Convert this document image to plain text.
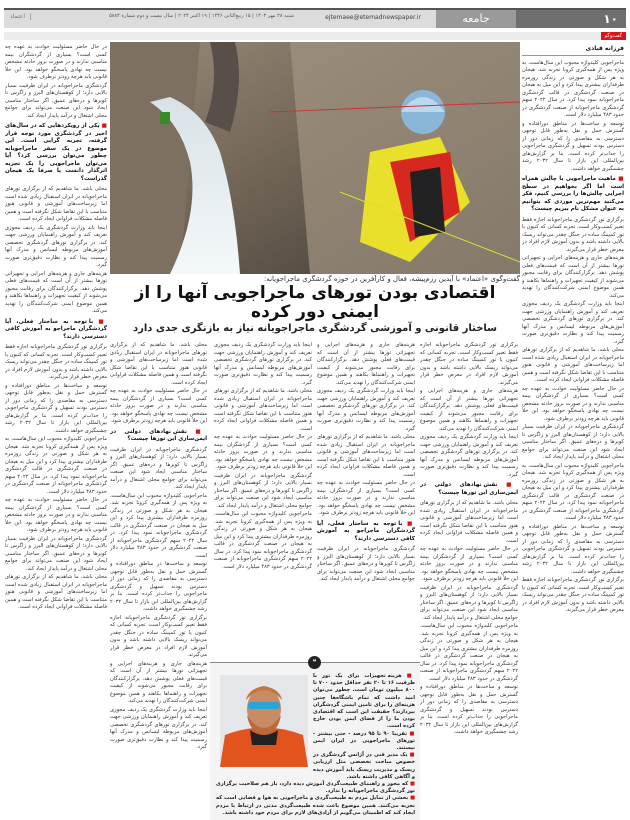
۱۰
جامعه
ejtemaee@etemadnewspaper.ir
شنبه ۲۸ مهر ۱۴۰۳ | ۱۵ ربیع‌الثانی ۱۴۴۶ | ۱۹ اکتبر ۲۰۲۴ | سال بیست و دوم شماره ۵۸۸۴
اعتماد
گفت‌وگو
فرزانه قبادی

ماجراجویی کلیدواژه محبوب این سال‌هاست، به ویژه پس از همه‌گیری کرونا تجربه شد. هیجان به هر شکل و صورتی در زندگی روزمره طرفداران بیشتری پیدا کرد و این میل به هیجان در صنعت گردشگری در قالب گردشگری ماجراجویانه نمود پیدا کرد. در سال ۲۰۲۲ سهم گردشگری ماجراجویانه از صنعت گردشگری در حدود ۴۸۳ میلیارد دلار است.

توسعه و ساخت‌ها در مناطق دورافتاده و گسترش حمل و نقل به‌طور قابل توجهی دسترسی به مقاصدی را که زمانی دور از دسترس بودند تسهیل و گردشگری ماجراجویی را جذاب‌تر کرده است. بنا بر گزارش‌های بین‌المللی این بازار تا سال ۲۰۳۲ رشد چشمگیری خواهد داشت.

■ ماهیت ماجراجویی با چالش همراه است اما اگر بخواهیم در سطح اجرایی چالش‌ها را بررسی کنیم، فکر می‌کنید مهم‌ترین موردی که بتوانیم به عنوان مشکل نام ببریم چیست؟

برگزاری تور گردشگری ماجراجویانه اجازه فقط تعبیر کسب‌وکار است. تجربه کسانی که کنیون یا تور کمپینگ ساده در جنگل چقدر می‌تواند ریسک بالایی داشته باشد و بدون آموزش لازم افراد در معرض خطر قرار می‌گیرند.

هزینه‌های جاری و هزینه‌های اجرایی و تجهیزاتی تورها بیشتر از آن است که قیمت‌های فعلی پوشش دهد. برگزارکنندگان برای رقابت مجبور می‌شوند از کیفیت تجهیزات و راهنماها بکاهند و همین موضوع ایمنی شرکت‌کنندگان را تهدید می‌کند.

اینجا باید وزارت گردشگری یک ردیف مجوزی تعریف کند و آموزش راهنمایان ورزشی جهت کند. در برگزاری تورهای گردشگری تخصصی آموزش‌های مربوطه لیسانس و مدرک آنها رسمیت پیدا کند و نظارت دقیق‌تری صورت گیرد.

محلی باشد. ما شاهدیم که از برگزاری تورهای ماجراجویانه در ایران استقبال زیادی شده است اما زیرساخت‌های آموزشی و قانونی هنوز متناسب با این تقاضا شکل نگرفته است و همین فاصله مشکلات فراوانی ایجاد کرده است.

در حال حاضر مسئولیت حوادث به عهده چه کسی است؟ بسیاری از گردشگران بیمه مناسبی ندارند و در صورت بروز حادثه مشخص نیست چه نهادی پاسخگو خواهد بود. این خلأ قانونی باید هرچه زودتر برطرف شود.

گردشگری ماجراجویانه در ایران ظرفیت بسیار بالایی دارد؛ از کوهستان‌های البرز و زاگرس تا کویرها و دره‌های عمیق. اگر ساختار مناسبی ایجاد شود این صنعت می‌تواند برای جوامع محلی اشتغال و درآمد پایدار ایجاد کند.

ماجراجویی کلیدواژه محبوب این سال‌هاست، به ویژه پس از همه‌گیری کرونا تجربه شد. هیجان به هر شکل و صورتی در زندگی روزمره طرفداران بیشتری پیدا کرد و این میل به هیجان در صنعت گردشگری در قالب گردشگری ماجراجویانه نمود پیدا کرد. در سال ۲۰۲۲ سهم گردشگری ماجراجویانه از صنعت گردشگری در حدود ۴۸۳ میلیارد دلار است.

توسعه و ساخت‌ها در مناطق دورافتاده و گسترش حمل و نقل به‌طور قابل توجهی دسترسی به مقاصدی را که زمانی دور از دسترس بودند تسهیل و گردشگری ماجراجویی را جذاب‌تر کرده است. بنا بر گزارش‌های بین‌المللی این بازار تا سال ۲۰۳۲ رشد چشمگیری خواهد داشت.

برگزاری تور گردشگری ماجراجویانه اجازه فقط تعبیر کسب‌وکار است. تجربه کسانی که کنیون یا تور کمپینگ ساده در جنگل چقدر می‌تواند ریسک بالایی داشته باشد و بدون آموزش لازم افراد در معرض خطر قرار می‌گیرند.

در حال حاضر مسئولیت حوادث به عهده چه کسی است؟ بسیاری از گردشگران بیمه مناسبی ندارند و در صورت بروز حادثه مشخص نیست چه نهادی پاسخگو خواهد بود. این خلأ قانونی باید هرچه زودتر برطرف شود.

گردشگری ماجراجویانه در ایران ظرفیت بسیار بالایی دارد؛ از کوهستان‌های البرز و زاگرس تا کویرها و دره‌های عمیق. اگر ساختار مناسبی ایجاد شود این صنعت می‌تواند برای جوامع محلی اشتغال و درآمد پایدار ایجاد کند.

■ یکی از رویکردهایی که در سال‌های اخیر در گردشگری مورد توجه قرار گرفته، تجربه گرایی است. این موضوع در یک سفر ماجراجویانه چطور می‌توان بررسی کرد؟ آیا می‌توان ماجراجویی را یک تجربه اثرگذار دانست یا صرفا یک هیجان گذراست؟

محلی باشد. ما شاهدیم که از برگزاری تورهای ماجراجویانه در ایران استقبال زیادی شده است اما زیرساخت‌های آموزشی و قانونی هنوز متناسب با این تقاضا شکل نگرفته است و همین فاصله مشکلات فراوانی ایجاد کرده است.

اینجا باید وزارت گردشگری یک ردیف مجوزی تعریف کند و آموزش راهنمایان ورزشی جهت کند. در برگزاری تورهای گردشگری تخصصی آموزش‌های مربوطه لیسانس و مدرک آنها رسمیت پیدا کند و نظارت دقیق‌تری صورت گیرد.

هزینه‌های جاری و هزینه‌های اجرایی و تجهیزاتی تورها بیشتر از آن است که قیمت‌های فعلی پوشش دهد. برگزارکنندگان برای رقابت مجبور می‌شوند از کیفیت تجهیزات و راهنماها بکاهند و همین موضوع ایمنی شرکت‌کنندگان را تهدید می‌کند.

■ با توجه به ساختار فعلی، آیا گردشگران ماجراجو به آموزش کافی دسترسی دارند؟

برگزاری تور گردشگری ماجراجویانه اجازه فقط تعبیر کسب‌وکار است. تجربه کسانی که کنیون یا تور کمپینگ ساده در جنگل چقدر می‌تواند ریسک بالایی داشته باشد و بدون آموزش لازم افراد در معرض خطر قرار می‌گیرند.

توسعه و ساخت‌ها در مناطق دورافتاده و گسترش حمل و نقل به‌طور قابل توجهی دسترسی به مقاصدی را که زمانی دور از دسترس بودند تسهیل و گردشگری ماجراجویی را جذاب‌تر کرده است. بنا بر گزارش‌های بین‌المللی این بازار تا سال ۲۰۳۲ رشد چشمگیری خواهد داشت.

ماجراجویی کلیدواژه محبوب این سال‌هاست، به ویژه پس از همه‌گیری کرونا تجربه شد. هیجان به هر شکل و صورتی در زندگی روزمره طرفداران بیشتری پیدا کرد و این میل به هیجان در صنعت گردشگری در قالب گردشگری ماجراجویانه نمود پیدا کرد. در سال ۲۰۲۲ سهم گردشگری ماجراجویانه از صنعت گردشگری در حدود ۴۸۳ میلیارد دلار است.

در حال حاضر مسئولیت حوادث به عهده چه کسی است؟ بسیاری از گردشگران بیمه مناسبی ندارند و در صورت بروز حادثه مشخص نیست چه نهادی پاسخگو خواهد بود. این خلأ قانونی باید هرچه زودتر برطرف شود.

گردشگری ماجراجویانه در ایران ظرفیت بسیار بالایی دارد؛ از کوهستان‌های البرز و زاگرس تا کویرها و دره‌های عمیق. اگر ساختار مناسبی ایجاد شود این صنعت می‌تواند برای جوامع محلی اشتغال و درآمد پایدار ایجاد کند.

محلی باشد. ما شاهدیم که از برگزاری تورهای ماجراجویانه در ایران استقبال زیادی شده است اما زیرساخت‌های آموزشی و قانونی هنوز متناسب با این تقاضا شکل نگرفته است و همین فاصله مشکلات فراوانی ایجاد کرده است.

گفت‌وگوی «اعتماد» با آیدین رزم‌پیشه، فعال و کارآفرین در حوزه گردشگری ماجراجویانه:
اقتصادی بودن تورهای ماجراجویی آنها را از ایمنی دور کرده
ساختار قانونی و آموزشی گردشگری ماجراجویانه نیاز به بازنگری جدی دارد

برگزاری تور گردشگری ماجراجویانه اجازه فقط تعبیر کسب‌وکار است. تجربه کسانی که کنیون یا تور کمپینگ ساده در جنگل چقدر می‌تواند ریسک بالایی داشته باشد و بدون آموزش لازم افراد در معرض خطر قرار می‌گیرند.

هزینه‌های جاری و هزینه‌های اجرایی و تجهیزاتی تورها بیشتر از آن است که قیمت‌های فعلی پوشش دهد. برگزارکنندگان برای رقابت مجبور می‌شوند از کیفیت تجهیزات و راهنماها بکاهند و همین موضوع ایمنی شرکت‌کنندگان را تهدید می‌کند.

اینجا باید وزارت گردشگری یک ردیف مجوزی تعریف کند و آموزش راهنمایان ورزشی جهت کند. در برگزاری تورهای گردشگری تخصصی آموزش‌های مربوطه لیسانس و مدرک آنها رسمیت پیدا کند و نظارت دقیق‌تری صورت گیرد.

■ نقش نهادهای دولتی در ایمن‌سازی این تورها چیست؟

محلی باشد. ما شاهدیم که از برگزاری تورهای ماجراجویانه در ایران استقبال زیادی شده است اما زیرساخت‌های آموزشی و قانونی هنوز متناسب با این تقاضا شکل نگرفته است و همین فاصله مشکلات فراوانی ایجاد کرده است.

در حال حاضر مسئولیت حوادث به عهده چه کسی است؟ بسیاری از گردشگران بیمه مناسبی ندارند و در صورت بروز حادثه مشخص نیست چه نهادی پاسخگو خواهد بود. این خلأ قانونی باید هرچه زودتر برطرف شود.

گردشگری ماجراجویانه در ایران ظرفیت بسیار بالایی دارد؛ از کوهستان‌های البرز و زاگرس تا کویرها و دره‌های عمیق. اگر ساختار مناسبی ایجاد شود این صنعت می‌تواند برای جوامع محلی اشتغال و درآمد پایدار ایجاد کند.

ماجراجویی کلیدواژه محبوب این سال‌هاست، به ویژه پس از همه‌گیری کرونا تجربه شد. هیجان به هر شکل و صورتی در زندگی روزمره طرفداران بیشتری پیدا کرد و این میل به هیجان در صنعت گردشگری در قالب گردشگری ماجراجویانه نمود پیدا کرد. در سال ۲۰۲۲ سهم گردشگری ماجراجویانه از صنعت گردشگری در حدود ۴۸۳ میلیارد دلار است.

توسعه و ساخت‌ها در مناطق دورافتاده و گسترش حمل و نقل به‌طور قابل توجهی دسترسی به مقاصدی را که زمانی دور از دسترس بودند تسهیل و گردشگری ماجراجویی را جذاب‌تر کرده است. بنا بر گزارش‌های بین‌المللی این بازار تا سال ۲۰۳۲ رشد چشمگیری خواهد داشت.

هزینه‌های جاری و هزینه‌های اجرایی و تجهیزاتی تورها بیشتر از آن است که قیمت‌های فعلی پوشش دهد. برگزارکنندگان برای رقابت مجبور می‌شوند از کیفیت تجهیزات و راهنماها بکاهند و همین موضوع ایمنی شرکت‌کنندگان را تهدید می‌کند.

اینجا باید وزارت گردشگری یک ردیف مجوزی تعریف کند و آموزش راهنمایان ورزشی جهت کند. در برگزاری تورهای گردشگری تخصصی آموزش‌های مربوطه لیسانس و مدرک آنها رسمیت پیدا کند و نظارت دقیق‌تری صورت گیرد.

محلی باشد. ما شاهدیم که از برگزاری تورهای ماجراجویانه در ایران استقبال زیادی شده است اما زیرساخت‌های آموزشی و قانونی هنوز متناسب با این تقاضا شکل نگرفته است و همین فاصله مشکلات فراوانی ایجاد کرده است.

در حال حاضر مسئولیت حوادث به عهده چه کسی است؟ بسیاری از گردشگران بیمه مناسبی ندارند و در صورت بروز حادثه مشخص نیست چه نهادی پاسخگو خواهد بود. این خلأ قانونی باید هرچه زودتر برطرف شود.

■ با توجه به ساختار فعلی، آیا گردشگران ماجراجو به آموزش کافی دسترسی دارند؟

گردشگری ماجراجویانه در ایران ظرفیت بسیار بالایی دارد؛ از کوهستان‌های البرز و زاگرس تا کویرها و دره‌های عمیق. اگر ساختار مناسبی ایجاد شود این صنعت می‌تواند برای جوامع محلی اشتغال و درآمد پایدار ایجاد کند.

اینجا باید وزارت گردشگری یک ردیف مجوزی تعریف کند و آموزش راهنمایان ورزشی جهت کند. در برگزاری تورهای گردشگری تخصصی آموزش‌های مربوطه لیسانس و مدرک آنها رسمیت پیدا کند و نظارت دقیق‌تری صورت گیرد.

محلی باشد. ما شاهدیم که از برگزاری تورهای ماجراجویانه در ایران استقبال زیادی شده است اما زیرساخت‌های آموزشی و قانونی هنوز متناسب با این تقاضا شکل نگرفته است و همین فاصله مشکلات فراوانی ایجاد کرده است.

در حال حاضر مسئولیت حوادث به عهده چه کسی است؟ بسیاری از گردشگران بیمه مناسبی ندارند و در صورت بروز حادثه مشخص نیست چه نهادی پاسخگو خواهد بود. این خلأ قانونی باید هرچه زودتر برطرف شود.

گردشگری ماجراجویانه در ایران ظرفیت بسیار بالایی دارد؛ از کوهستان‌های البرز و زاگرس تا کویرها و دره‌های عمیق. اگر ساختار مناسبی ایجاد شود این صنعت می‌تواند برای جوامع محلی اشتغال و درآمد پایدار ایجاد کند.

ماجراجویی کلیدواژه محبوب این سال‌هاست، به ویژه پس از همه‌گیری کرونا تجربه شد. هیجان به هر شکل و صورتی در زندگی روزمره طرفداران بیشتری پیدا کرد و این میل به هیجان در صنعت گردشگری در قالب گردشگری ماجراجویانه نمود پیدا کرد. در سال ۲۰۲۲ سهم گردشگری ماجراجویانه از صنعت گردشگری در حدود ۴۸۳ میلیارد دلار است.

محلی باشد. ما شاهدیم که از برگزاری تورهای ماجراجویانه در ایران استقبال زیادی شده است اما زیرساخت‌های آموزشی و قانونی هنوز متناسب با این تقاضا شکل نگرفته است و همین فاصله مشکلات فراوانی ایجاد کرده است.

در حال حاضر مسئولیت حوادث به عهده چه کسی است؟ بسیاری از گردشگران بیمه مناسبی ندارند و در صورت بروز حادثه مشخص نیست چه نهادی پاسخگو خواهد بود. این خلأ قانونی باید هرچه زودتر برطرف شود.

■ نقش نهادهای دولتی در ایمن‌سازی این تورها چیست؟

گردشگری ماجراجویانه در ایران ظرفیت بسیار بالایی دارد؛ از کوهستان‌های البرز و زاگرس تا کویرها و دره‌های عمیق. اگر ساختار مناسبی ایجاد شود این صنعت می‌تواند برای جوامع محلی اشتغال و درآمد پایدار ایجاد کند.

ماجراجویی کلیدواژه محبوب این سال‌هاست، به ویژه پس از همه‌گیری کرونا تجربه شد. هیجان به هر شکل و صورتی در زندگی روزمره طرفداران بیشتری پیدا کرد و این میل به هیجان در صنعت گردشگری در قالب گردشگری ماجراجویانه نمود پیدا کرد. در سال ۲۰۲۲ سهم گردشگری ماجراجویانه از صنعت گردشگری در حدود ۴۸۳ میلیارد دلار است.

توسعه و ساخت‌ها در مناطق دورافتاده و گسترش حمل و نقل به‌طور قابل توجهی دسترسی به مقاصدی را که زمانی دور از دسترس بودند تسهیل و گردشگری ماجراجویی را جذاب‌تر کرده است. بنا بر گزارش‌های بین‌المللی این بازار تا سال ۲۰۳۲ رشد چشمگیری خواهد داشت.

برگزاری تور گردشگری ماجراجویانه اجازه فقط تعبیر کسب‌وکار است. تجربه کسانی که کنیون یا تور کمپینگ ساده در جنگل چقدر می‌تواند ریسک بالایی داشته باشد و بدون آموزش لازم افراد در معرض خطر قرار می‌گیرند.

هزینه‌های جاری و هزینه‌های اجرایی و تجهیزاتی تورها بیشتر از آن است که قیمت‌های فعلی پوشش دهد. برگزارکنندگان برای رقابت مجبور می‌شوند از کیفیت تجهیزات و راهنماها بکاهند و همین موضوع ایمنی شرکت‌کنندگان را تهدید می‌کند.

اینجا باید وزارت گردشگری یک ردیف مجوزی تعریف کند و آموزش راهنمایان ورزشی جهت کند. در برگزاری تورهای گردشگری تخصصی آموزش‌های مربوطه لیسانس و مدرک آنها رسمیت پیدا کند و نظارت دقیق‌تری صورت گیرد.

❝

■ هزینه تجهیزات برای یک تور با ظرفیت ۱۶ تا ۲۰ نفر حداقل حدود ۷۰۰ تا ۸۰۰ میلیون تومان است. چطور می‌توان امید داشت که تمام باشگاه‌ها چنین هزینه‌ای را برای تامین ایمنی گردشگران بپردازند؟ حقیقت این است که اقتصادی بودن ما را از فضای ایمن بودن خارج کرده است.

■ تقریبا ۹۰ تا ۹۵ درصد - حتی بیشتر - تورهای ماجراجویی در ایران ایمن نیستند.

■ یک مدیر فنی در آژانس گردشگری در خصوص مباحث تخصصی مثل ارزیابی ریسک و مدیریت ریسک باید آموزش دیده و آگاهی کافی داشته باشد.

■ که مجوز و راهنمای طبیعت‌گردی آموزش دیده دارد، باز هم صلاحیت برگزاری تور گردشگری ماجراجویانه را ندارد.

■ بخشی از تمایل مردم به طبیعت‌گردی و ماجراجویی به هوا و فضایی است که تجربه می‌کنند. همین موضوع باعث شده طبیعت‌گردی مدتی در ارتباط با مردم ایجاد کند که اطمینان می‌گویم از آزادی‌های لازم برای مردم خود داشته باشد.
